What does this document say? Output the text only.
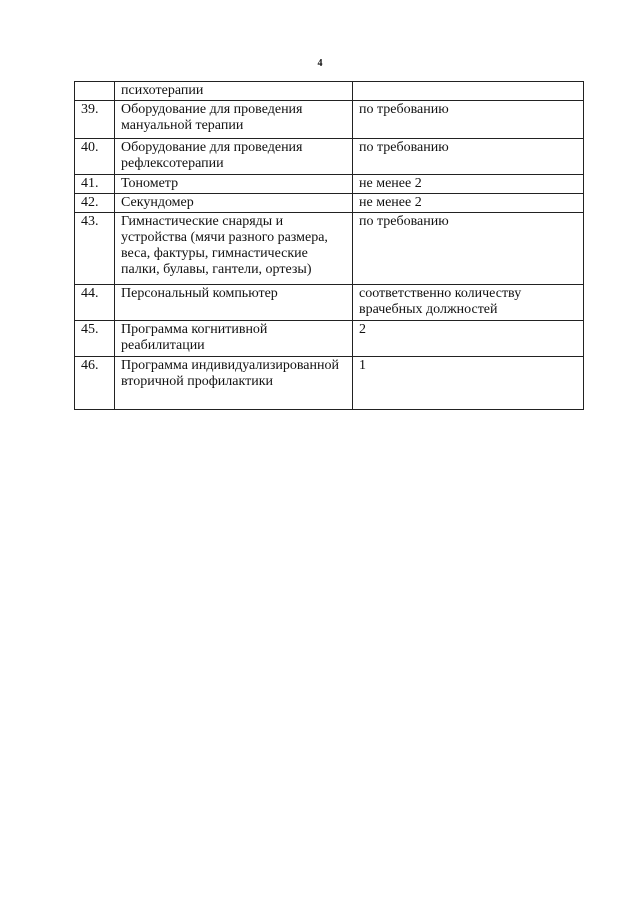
4
	психотерапии	
39.	Оборудование для проведения мануальной терапии	по требованию
40.	Оборудование для проведения рефлексотерапии	по требованию
41.	Тонометр	не менее 2
42.	Секундомер	не менее 2
43.	Гимнастические снаряды и устройства (мячи разного размера, веса, фактуры, гимнастические палки, булавы, гантели, ортезы)	по требованию
44.	Персональный компьютер	соответственно количеству врачебных должностей
45.	Программа когнитивной реабилитации	2
46.	Программа индивидуализированной вторичной профилактики	1
